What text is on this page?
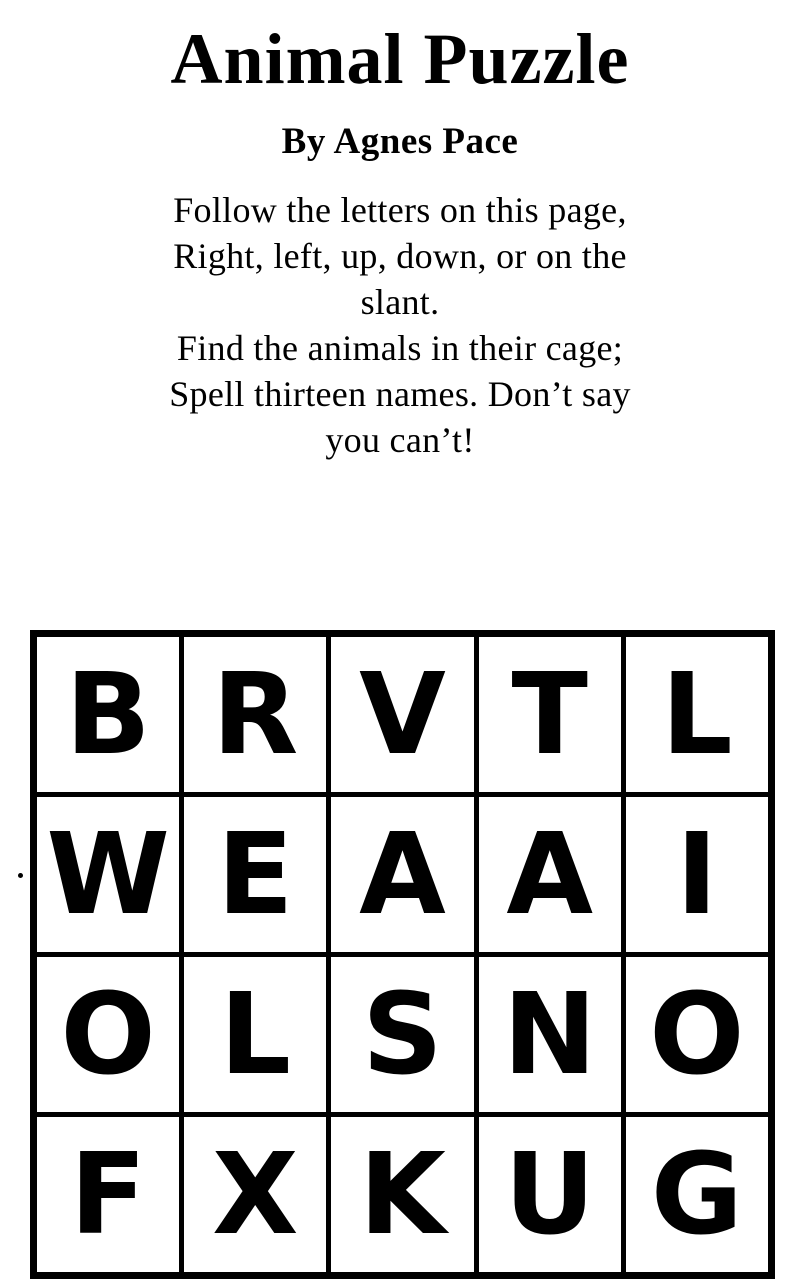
Animal Puzzle
By Agnes Pace
Follow the letters on this page,
Right, left, up, down, or on the
slant.
Find the animals in their cage;
Spell thirteen names. Don’t say
you can’t!
B R V T L
W E A A I
O L S N O
F X K U G
